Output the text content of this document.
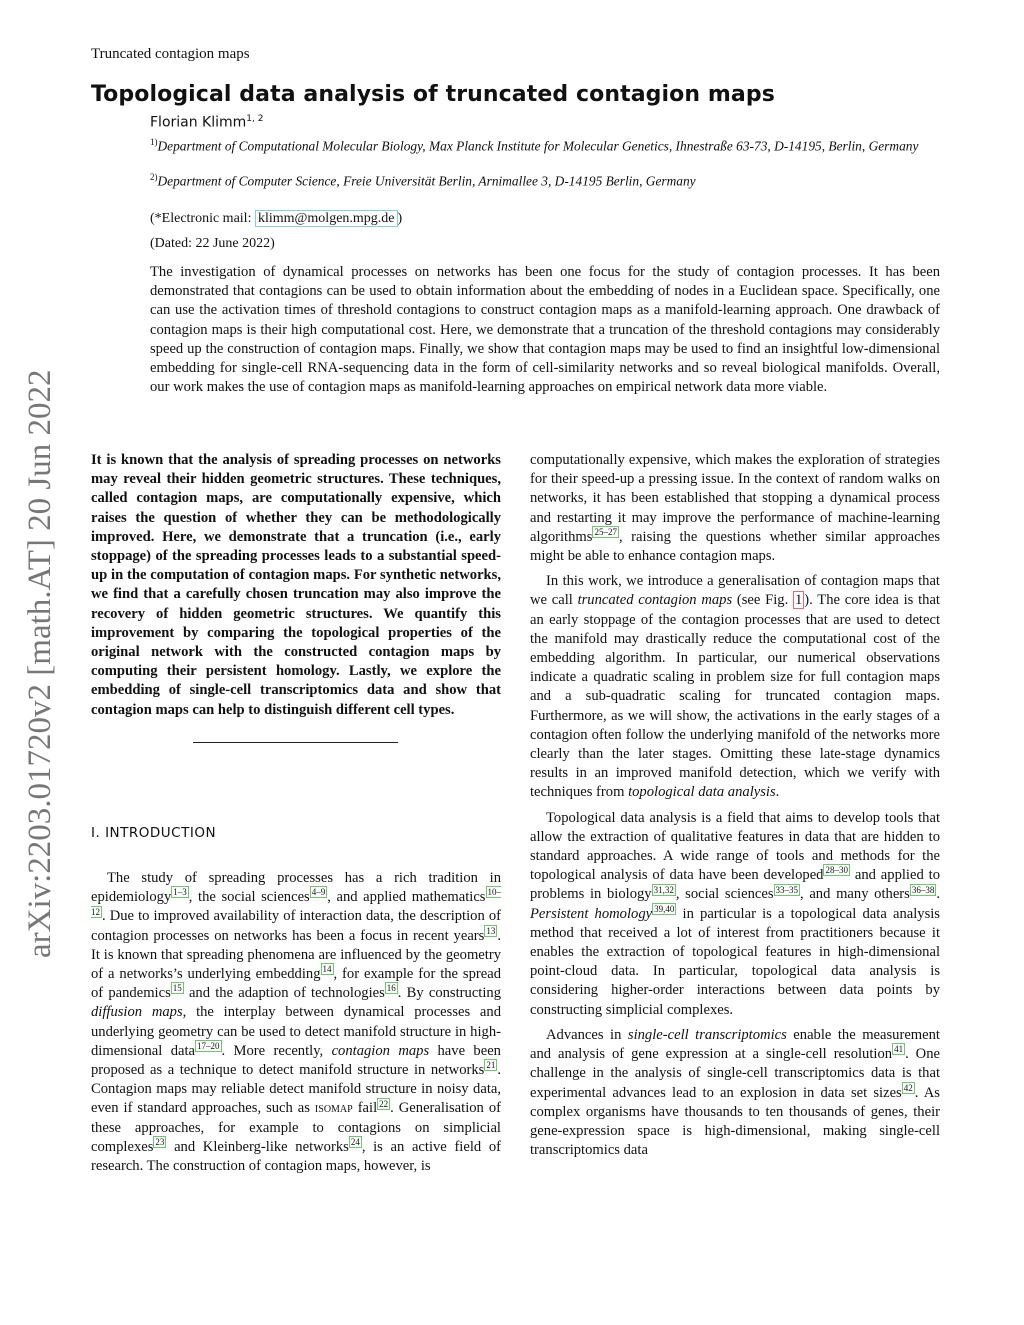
Truncated contagion maps
arXiv:2203.01720v2 [math.AT] 20 Jun 2022
Topological data analysis of truncated contagion maps
Florian Klimm$^{1, 2}$
$^{1)}$Department of Computational Molecular Biology, Max Planck Institute for Molecular Genetics, Ihnestraße 63-73, D-14195, Berlin, Germany
$^{2)}$Department of Computer Science, Freie Universität Berlin, Arnimallee 3, D-14195 Berlin, Germany
(*Electronic mail: klimm@molgen.mpg.de )
(Dated: 22 June 2022)
The investigation of dynamical processes on networks has been one focus for the study of contagion processes. It has been demonstrated that contagions can be used to obtain information about the embedding of nodes in a Euclidean space. Specifically, one can use the activation times of threshold contagions to construct contagion maps as a manifold-learning approach. One drawback of contagion maps is their high computational cost. Here, we demonstrate that a truncation of the threshold contagions may considerably speed up the construction of contagion maps. Finally, we show that contagion maps may be used to find an insightful low-dimensional embedding for single-cell RNA-sequencing data in the form of cell-similarity networks and so reveal biological manifolds. Overall, our work makes the use of contagion maps as manifold-learning approaches on empirical network data more viable.

It is known that the analysis of spreading processes on networks may reveal their hidden geometric structures. These techniques, called contagion maps, are computationally expensive, which raises the question of whether they can be methodologically improved. Here, we demonstrate that a truncation (i.e., early stoppage) of the spreading processes leads to a substantial speed-up in the computation of contagion maps. For synthetic networks, we find that a carefully chosen truncation may also improve the recovery of hidden geometric structures. We quantify this improvement by comparing the topological properties of the original network with the constructed contagion maps by computing their persistent homology. Lastly, we explore the embedding of single-cell transcriptomics data and show that contagion maps can help to distinguish different cell types.

I. INTRODUCTION

The study of spreading processes has a rich tradition in epidemiology $^{1-3}$ , the social sciences $^{4-9}$ , and applied mathematics $^{10-12}$ . Due to improved availability of interaction data, the description of contagion processes on networks has been a focus in recent years $^{13}$ . It is known that spreading phenomena are influenced by the geometry of a networks’s underlying embedding $^{14}$ , for example for the spread of pandemics $^{15}$ and the adaption of technologies $^{16}$ . By constructing diffusion maps, the interplay between dynamical processes and underlying geometry can be used to detect manifold structure in high-dimensional data $^{17-20}$ . More recently, contagion maps have been proposed as a technique to detect manifold structure in networks $^{21}$ . Contagion maps may reliable detect manifold structure in noisy data, even if standard approaches, such as isomap fail $^{22}$ . Generalisation of these approaches, for example to contagions on simplicial complexes $^{23}$ and Kleinberg-like networks $^{24}$ , is an active field of research. The construction of contagion maps, however, is

computationally expensive, which makes the exploration of strategies for their speed-up a pressing issue. In the context of random walks on networks, it has been established that stopping a dynamical process and restarting it may improve the performance of machine-learning algorithms $^{25-27}$ , raising the questions whether similar approaches might be able to enhance contagion maps.

In this work, we introduce a generalisation of contagion maps that we call truncated contagion maps (see Fig. 1 ). The core idea is that an early stoppage of the contagion processes that are used to detect the manifold may drastically reduce the computational cost of the embedding algorithm. In particular, our numerical observations indicate a quadratic scaling in problem size for full contagion maps and a sub-quadratic scaling for truncated contagion maps. Furthermore, as we will show, the activations in the early stages of a contagion often follow the underlying manifold of the networks more clearly than the later stages. Omitting these late-stage dynamics results in an improved manifold detection, which we verify with techniques from topological data analysis.

Topological data analysis is a field that aims to develop tools that allow the extraction of qualitative features in data that are hidden to standard approaches. A wide range of tools and methods for the topological analysis of data have been developed $^{28-30}$ and applied to problems in biology $^{31,32}$ , social sciences $^{33-35}$ , and many others $^{36-38}$ . Persistent homology $^{39,40}$ in particular is a topological data analysis method that received a lot of interest from practitioners because it enables the extraction of topological features in high-dimensional point-cloud data. In particular, topological data analysis is considering higher-order interactions between data points by constructing simplicial complexes.

Advances in single-cell transcriptomics enable the measurement and analysis of gene expression at a single-cell resolution $^{41}$ . One challenge in the analysis of single-cell transcriptomics data is that experimental advances lead to an explosion in data set sizes $^{42}$ . As complex organisms have thousands to ten thousands of genes, their gene-expression space is high-dimensional, making single-cell transcriptomics data
